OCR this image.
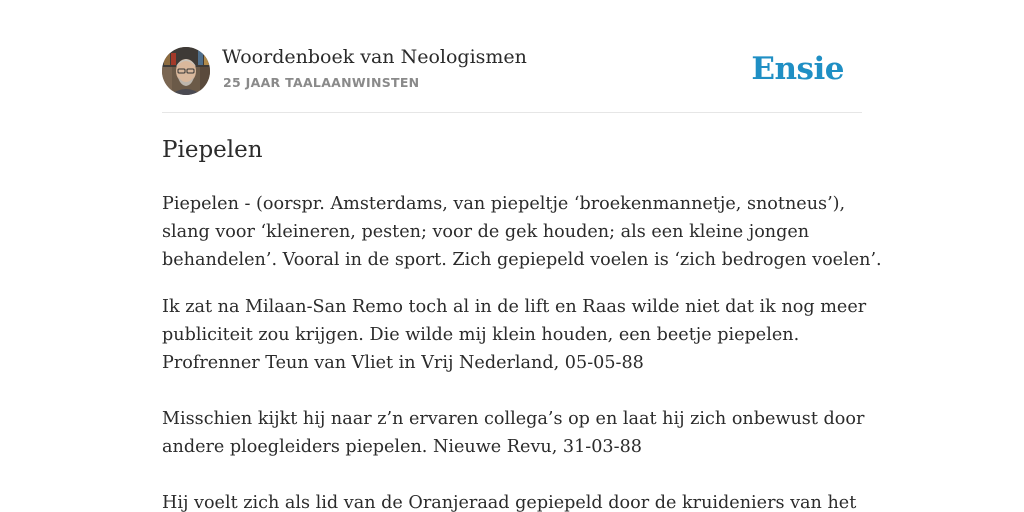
Woordenboek van Neologismen
25 JAAR TAALAANWINSTEN	Ensie
Piepelen

Piepelen - (oorspr. Amsterdams, van piepeltje ‘broekenmannetje, snotneus’),
slang voor ‘kleineren, pesten; voor de gek houden; als een kleine jongen
behandelen’. Vooral in de sport. Zich gepiepeld voelen is ‘zich bedrogen voelen’.

Ik zat na Milaan-San Remo toch al in de lift en Raas wilde niet dat ik nog meer
publiciteit zou krijgen. Die wilde mij klein houden, een beetje piepelen.
Profrenner Teun van Vliet in Vrij Nederland, 05-05-88

Misschien kijkt hij naar z’n ervaren collega’s op en laat hij zich onbewust door
andere ploegleiders piepelen. Nieuwe Revu, 31-03-88

Hij voelt zich als lid van de Oranjeraad gepiepeld door de kruideniers van het
